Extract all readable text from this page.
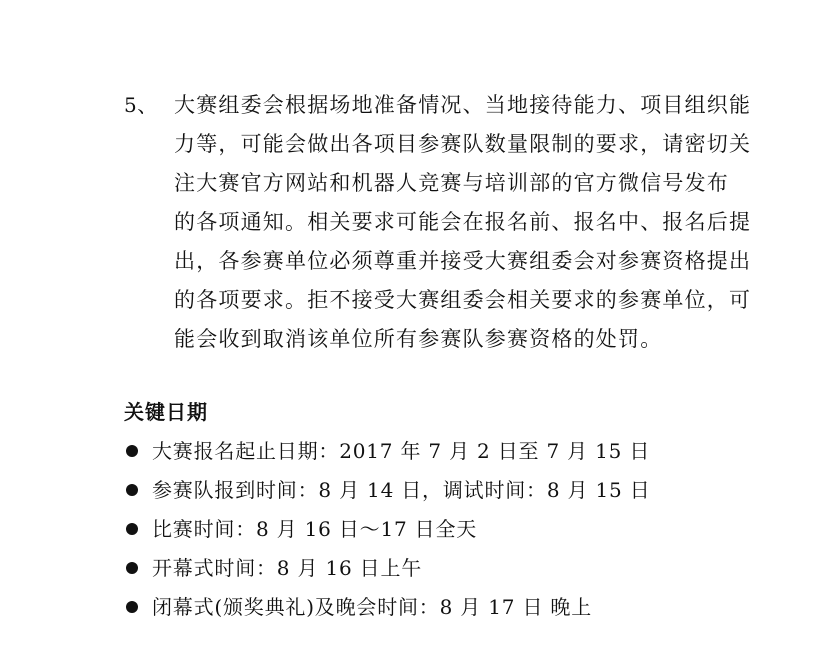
5、 大赛组委会根据场地准备情况、当地接待能力、项目组织能
力等，可能会做出各项目参赛队数量限制的要求，请密切关
注大赛官方网站和机器人竞赛与培训部的官方微信号发布
的各项通知。相关要求可能会在报名前、报名中、报名后提
出，各参赛单位必须尊重并接受大赛组委会对参赛资格提出
的各项要求。拒不接受大赛组委会相关要求的参赛单位，可
能会收到取消该单位所有参赛队参赛资格的处罚。
关键日期
大赛报名起止日期：2017 年 7 月 2 日至 7 月 15 日
参赛队报到时间：8 月 14 日，调试时间：8 月 15 日
比赛时间：8 月 16 日～17 日全天
开幕式时间：8 月 16 日上午
闭幕式(颁奖典礼)及晚会时间：8 月 17 日 晚上
